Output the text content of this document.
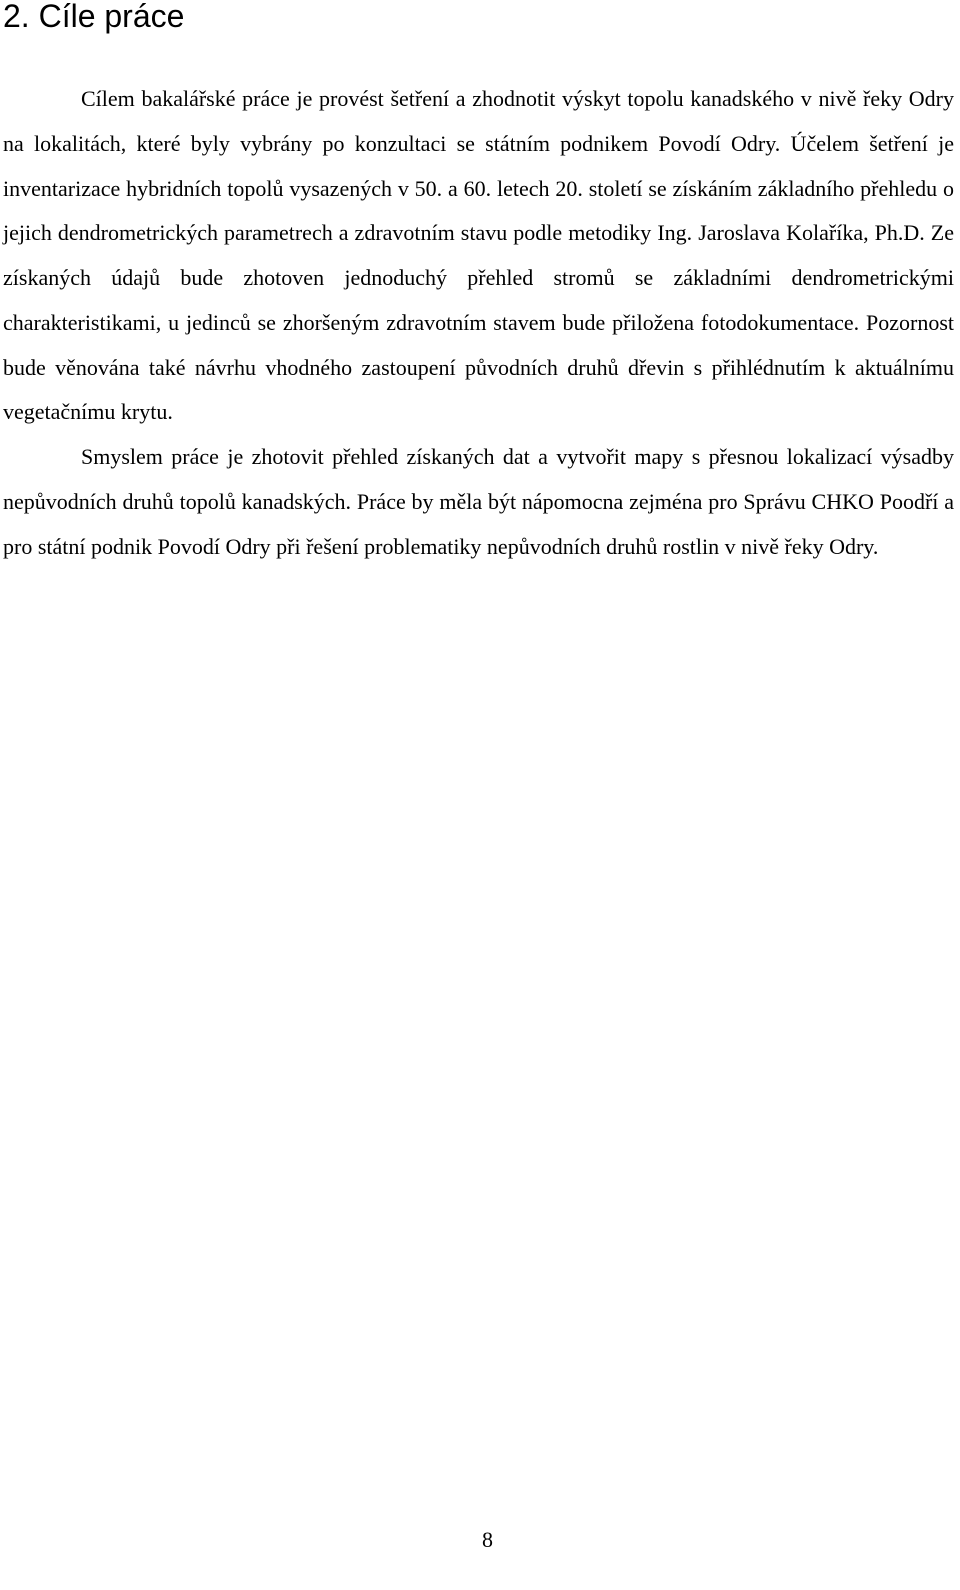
2. Cíle práce

Cílem bakalářské práce je provést šetření a zhodnotit výskyt topolu kanadského v nivě řeky Odry na lokalitách, které byly vybrány po konzultaci se státním podnikem Povodí Odry. Účelem šetření je inventarizace hybridních topolů vysazených v 50. a 60. letech 20. století se získáním základního přehledu o jejich dendrometrických parametrech a zdravotním stavu podle metodiky Ing. Jaroslava Kolaříka, Ph.D. Ze získaných údajů bude zhotoven jednoduchý přehled stromů se základními dendrometrickými charakteristikami, u jedinců se zhoršeným zdravotním stavem bude přiložena fotodokumentace. Pozornost bude věnována také návrhu vhodného zastoupení původních druhů dřevin s přihlédnutím k aktuálnímu vegetačnímu krytu.

Smyslem práce je zhotovit přehled získaných dat a vytvořit mapy s přesnou lokalizací výsadby nepůvodních druhů topolů kanadských. Práce by měla být nápomocna zejména pro Správu CHKO Poodří a pro státní podnik Povodí Odry při řešení problematiky nepůvodních druhů rostlin v nivě řeky Odry.

8
